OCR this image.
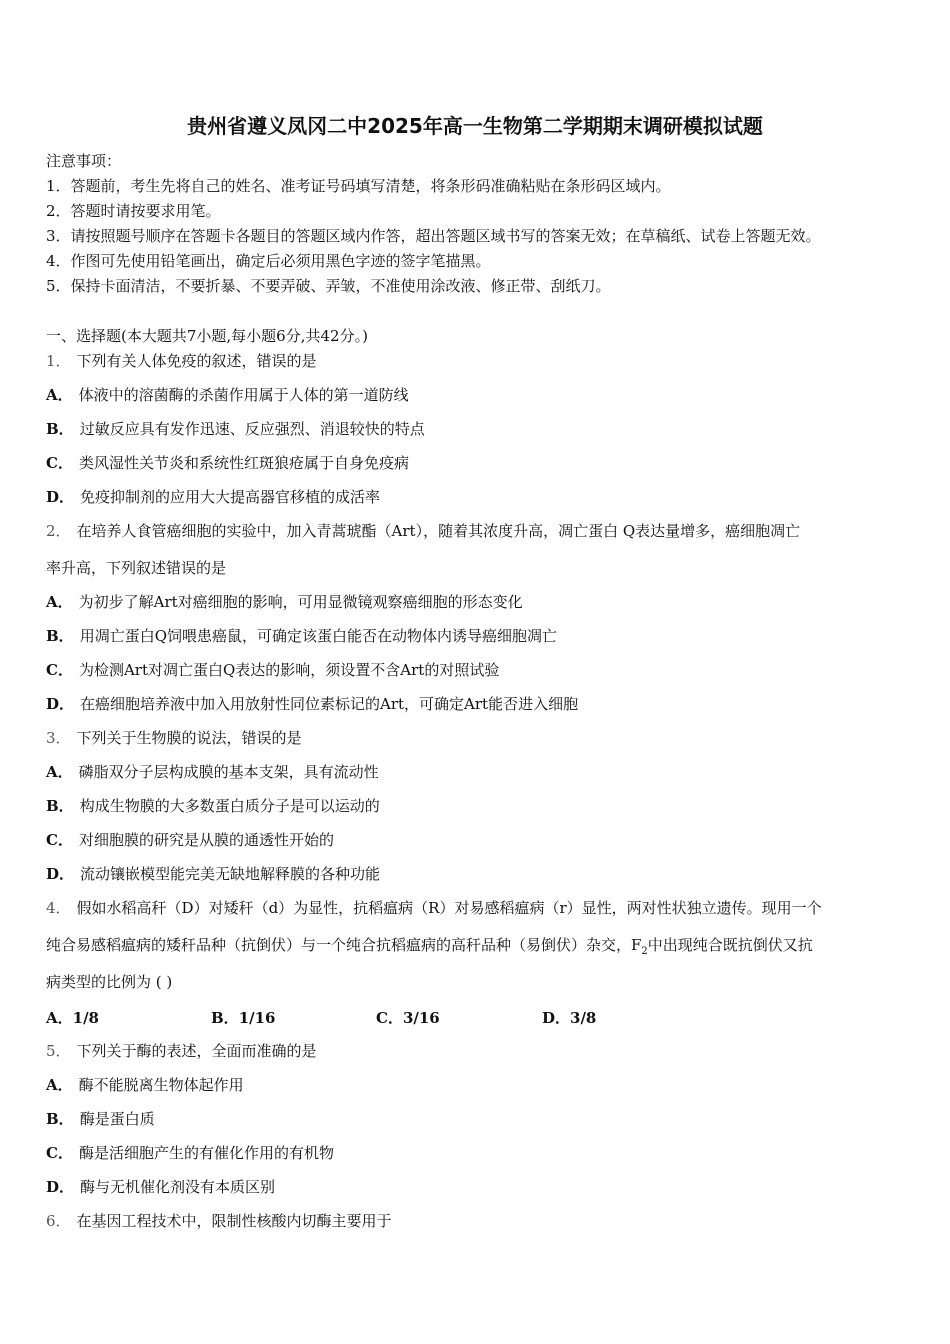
贵州省遵义凤冈二中2025年高一生物第二学期期末调研模拟试题
注意事项：
1．答题前，考生先将自己的姓名、准考证号码填写清楚，将条形码准确粘贴在条形码区域内。
2．答题时请按要求用笔。
3．请按照题号顺序在答题卡各题目的答题区域内作答，超出答题区域书写的答案无效；在草稿纸、试卷上答题无效。
4．作图可先使用铅笔画出，确定后必须用黑色字迹的签字笔描黑。
5．保持卡面清洁，不要折暴、不要弄破、弄皱，不准使用涂改液、修正带、刮纸刀。
一、选择题(本大题共7小题,每小题6分,共42分。)
1． 下列有关人体免疫的叙述，错误的是
A． 体液中的溶菌酶的杀菌作用属于人体的第一道防线
B． 过敏反应具有发作迅速、反应强烈、消退较快的特点
C． 类风湿性关节炎和系统性红斑狼疮属于自身免疫病
D． 免疫抑制剂的应用大大提高器官移植的成活率
2． 在培养人食管癌细胞的实验中，加入青蒿琥酯（Art），随着其浓度升高，凋亡蛋白 Q表达量增多，癌细胞凋亡
率升高，下列叙述错误的是
A． 为初步了解Art对癌细胞的影响，可用显微镜观察癌细胞的形态变化
B． 用凋亡蛋白Q饲喂患癌鼠，可确定该蛋白能否在动物体内诱导癌细胞凋亡
C． 为检测Art对凋亡蛋白Q表达的影响，须设置不含Art的对照试验
D． 在癌细胞培养液中加入用放射性同位素标记的Art，可确定Art能否进入细胞
3． 下列关于生物膜的说法，错误的是
A． 磷脂双分子层构成膜的基本支架，具有流动性
B． 构成生物膜的大多数蛋白质分子是可以运动的
C． 对细胞膜的研究是从膜的通透性开始的
D． 流动镶嵌模型能完美无缺地解释膜的各种功能
4． 假如水稻高秆（D）对矮秆（d）为显性，抗稻瘟病（R）对易感稻瘟病（r）显性，两对性状独立遗传。现用一个
纯合易感稻瘟病的矮秆品种（抗倒伏）与一个纯合抗稻瘟病的高秆品种（易倒伏）杂交，$F_2$中出现纯合既抗倒伏又抗
病类型的比例为 ( )
A．1/8	B．1/16	C．3/16	D．3/8
5． 下列关于酶的表述，全面而准确的是
A． 酶不能脱离生物体起作用
B． 酶是蛋白质
C． 酶是活细胞产生的有催化作用的有机物
D． 酶与无机催化剂没有本质区别
6． 在基因工程技术中，限制性核酸内切酶主要用于
